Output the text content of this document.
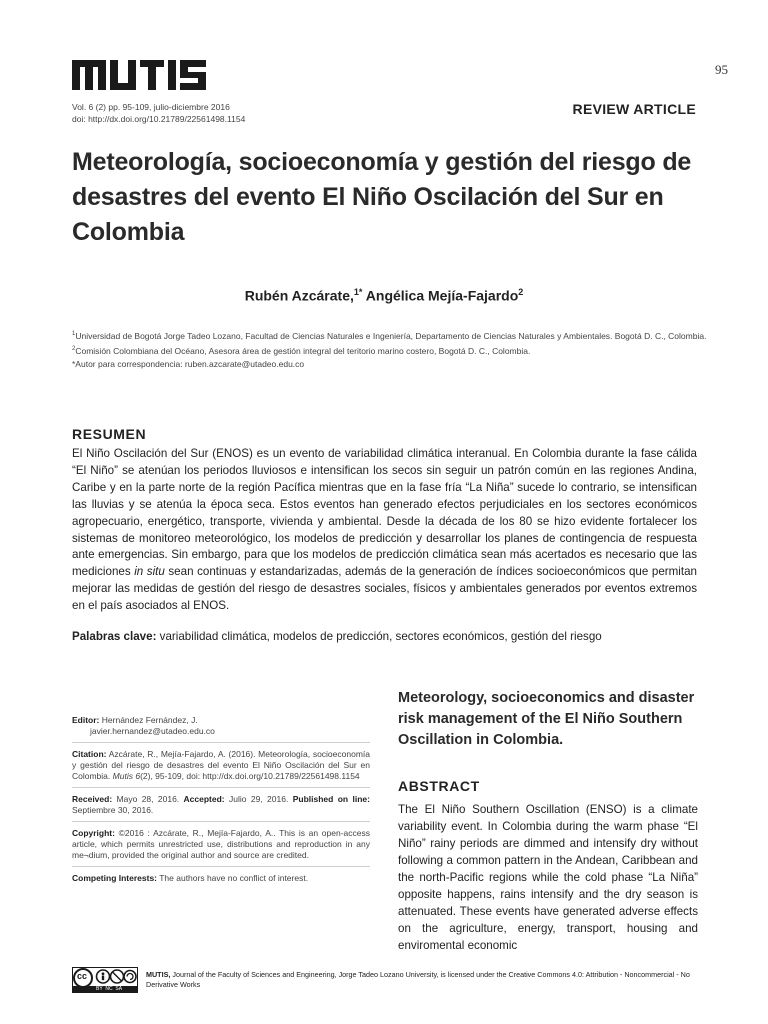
95
Vol. 6 (2) pp. 95-109, julio-diciembre 2016
doi: http://dx.doi.org/10.21789/22561498.1154
REVIEW ARTICLE
Meteorología, socioeconomía y gestión del riesgo de desastres del evento El Niño Oscilación del Sur en Colombia
Rubén Azcárate,$^{1*}$ Angélica Mejía-Fajardo$^2$
$^1$Universidad de Bogotá Jorge Tadeo Lozano, Facultad de Ciencias Naturales e Ingeniería, Departamento de Ciencias Naturales y Ambientales. Bogotá D. C., Colombia.
$^2$Comisión Colombiana del Océano, Asesora área de gestión integral del teritorio marino costero, Bogotá D. C., Colombia.
*Autor para correspondencia: ruben.azcarate@utadeo.edu.co
RESUMEN
El Niño Oscilación del Sur (ENOS) es un evento de variabilidad climática interanual. En Colombia durante la fase cálida “El Niño” se atenúan los periodos lluviosos e intensifican los secos sin seguir un patrón común en las regiones Andina, Caribe y en la parte norte de la región Pacífica mientras que en la fase fría “La Niña” sucede lo contrario, se intensifican las lluvias y se atenúa la época seca. Estos eventos han generado efectos perjudiciales en los sectores económicos agropecuario, energético, transporte, vivienda y ambiental. Desde la década de los 80 se hizo evidente fortalecer los sistemas de monitoreo meteorológico, los modelos de predicción y desarrollar los planes de contingencia de respuesta ante emergencias. Sin embargo, para que los modelos de predicción climática sean más acertados es necesario que las mediciones in situ sean continuas y estandarizadas, además de la generación de índices socioeconómicos que permitan mejorar las medidas de gestión del riesgo de desastres sociales, físicos y ambientales generados por eventos extremos en el país asociados al ENOS.
Palabras clave: variabilidad climática, modelos de predicción, sectores económicos, gestión del riesgo
Editor: Hernández Fernández, J.
javier.hernandez@utadeo.edu.co
Citation: Azcárate, R., Mejía-Fajardo, A. (2016). Meteorología, socioeconomía y gestión del riesgo de desastres del evento El Niño Oscilación del Sur en Colombia. Mutis 6(2), 95-109, doi: http://dx.doi.org/10.21789/22561498.1154
Received: Mayo 28, 2016. Accepted: Julio 29, 2016. Published on line: Septiembre 30, 2016.
Copyright: ©2016 : Azcárate, R., Mejía-Fajardo, A.. This is an open-access article, which permits unrestricted use, distributions and reproduction in any me¬dium, provided the original author and source are credited.
Competing Interests: The authors have no conflict of interest.
Meteorology, socioeconomics and disaster risk management of the El Niño Southern Oscillation in Colombia.
ABSTRACT
The El Niño Southern Oscillation (ENSO) is a climate variability event. In Colombia during the warm phase “El Niño” rainy periods are dimmed and intensify dry without following a common pattern in the Andean, Caribbean and the north-Pacific regions while the cold phase “La Niña” opposite happens, rains intensify and the dry season is attenuated. These events have generated adverse effects on the agriculture, energy, transport, housing and enviromental economic
cc
BY  NC  SA
MUTIS, Journal of the Faculty of Sciences and Engineering, Jorge Tadeo Lozano University, is licensed under the Creative Commons 4.0: Attribution - Noncommercial - No Derivative Works
